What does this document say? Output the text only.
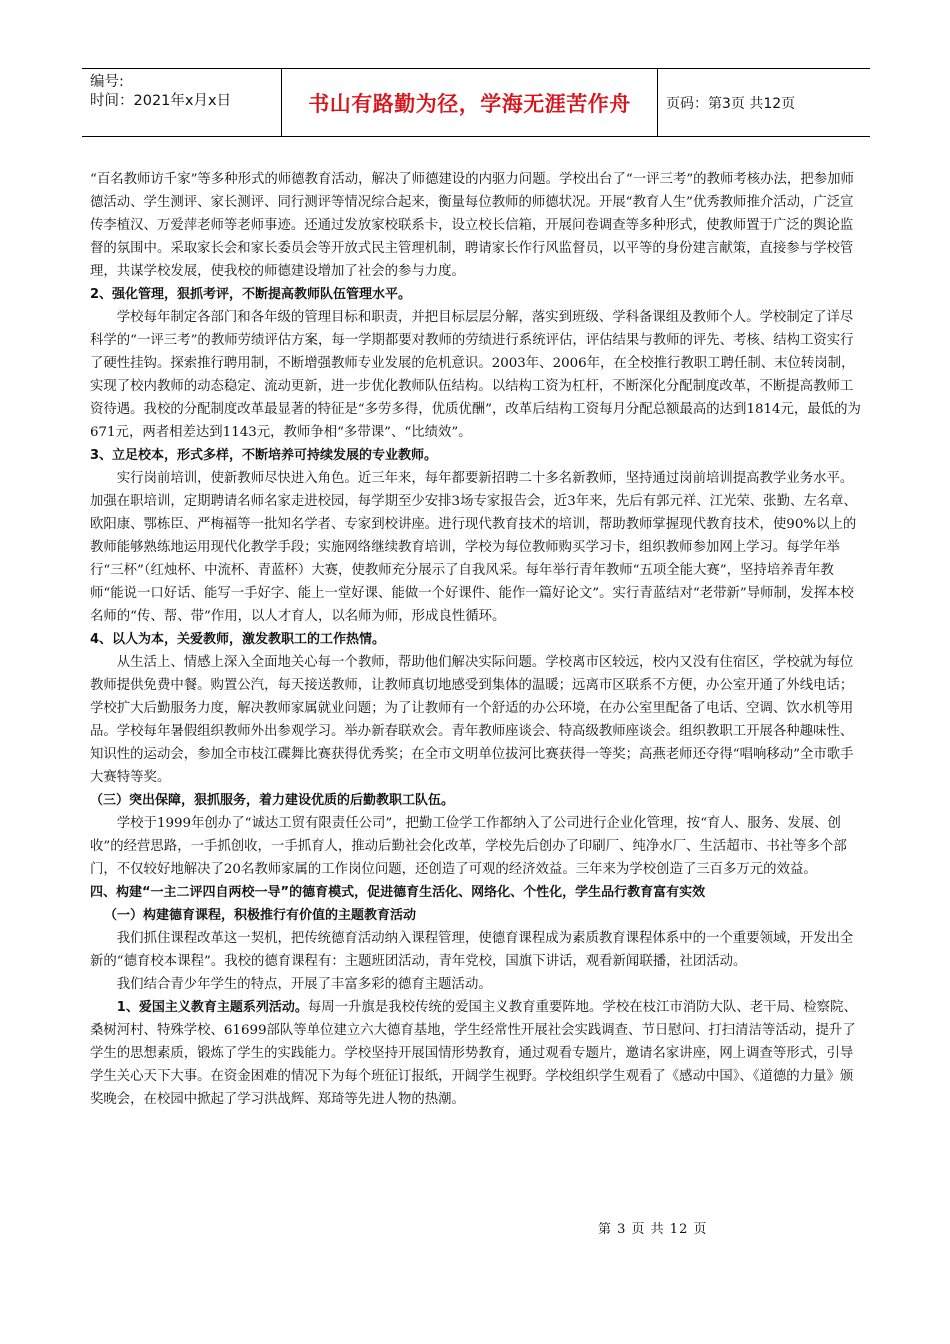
编号:
时间：2021年x月x日	书山有路勤为径，学海无涯苦作舟	页码：第3页 共12页

“百名教师访千家”等多种形式的师德教育活动，解决了师德建设的内驱力问题。学校出台了“一评三考”的教师考核办法，把参加师德活动、学生测评、家长测评、同行测评等情况综合起来，衡量每位教师的师德状况。开展“教育人生”优秀教师推介活动，广泛宣传李植汉、万爱萍老师等老师事迹。还通过发放家校联系卡，设立校长信箱，开展问卷调查等多种形式，使教师置于广泛的舆论监督的氛围中。采取家长会和家长委员会等开放式民主管理机制，聘请家长作行风监督员，以平等的身份建言献策，直接参与学校管理，共谋学校发展，使我校的师德建设增加了社会的参与力度。

2、强化管理，狠抓考评，不断提高教师队伍管理水平。

学校每年制定各部门和各年级的管理目标和职责，并把目标层层分解，落实到班级、学科备课组及教师个人。学校制定了详尽科学的“一评三考”的教师劳绩评估方案，每一学期都要对教师的劳绩进行系统评估，评估结果与教师的评先、考核、结构工资实行了硬性挂钩。探索推行聘用制，不断增强教师专业发展的危机意识。2003年、2006年，在全校推行教职工聘任制、末位转岗制，实现了校内教师的动态稳定、流动更新，进一步优化教师队伍结构。以结构工资为杠杆，不断深化分配制度改革，不断提高教师工资待遇。我校的分配制度改革最显著的特征是“多劳多得，优质优酬”，改革后结构工资每月分配总额最高的达到1814元，最低的为671元，两者相差达到1143元，教师争相“多带课”、“比绩效”。

3、立足校本，形式多样，不断培养可持续发展的专业教师。

实行岗前培训，使新教师尽快进入角色。近三年来，每年都要新招聘二十多名新教师，坚持通过岗前培训提高教学业务水平。 加强在职培训，定期聘请名师名家走进校园，每学期至少安排3场专家报告会，近3年来，先后有郭元祥、江光荣、张勤、左名章、欧阳康、鄂栋臣、严梅福等一批知名学者、专家到校讲座。进行现代教育技术的培训，帮助教师掌握现代教育技术，使90%以上的教师能够熟练地运用现代化教学手段；实施网络继续教育培训，学校为每位教师购买学习卡，组织教师参加网上学习。每学年举行“三杯”（红烛杯、中流杯、青蓝杯）大赛，使教师充分展示了自我风采。每年举行青年教师“五项全能大赛”，坚持培养青年教师“能说一口好话、能写一手好字、能上一堂好课、能做一个好课件、能作一篇好论文”。实行青蓝结对“老带新”导师制，发挥本校名师的“传、帮、带”作用，以人才育人，以名师为师，形成良性循环。

4、以人为本，关爱教师，激发教职工的工作热情。

从生活上、情感上深入全面地关心每一个教师，帮助他们解决实际问题。学校离市区较远，校内又没有住宿区，学校就为每位教师提供免费中餐。购置公汽，每天接送教师，让教师真切地感受到集体的温暖；远离市区联系不方便，办公室开通了外线电话；学校扩大后勤服务力度，解决教师家属就业问题；为了让教师有一个舒适的办公环境，在办公室里配备了电话、空调、饮水机等用品。学校每年暑假组织教师外出参观学习。举办新春联欢会。青年教师座谈会、特高级教师座谈会。组织教职工开展各种趣味性、知识性的运动会，参加全市枝江碟舞比赛获得优秀奖；在全市文明单位拔河比赛获得一等奖；高燕老师还夺得“唱响移动”全市歌手大赛特等奖。

（三）突出保障，狠抓服务，着力建设优质的后勤教职工队伍。

学校于1999年创办了“诚达工贸有限责任公司”，把勤工俭学工作都纳入了公司进行企业化管理，按“育人、服务、发展、创收”的经营思路，一手抓创收，一手抓育人，推动后勤社会化改革，学校先后创办了印刷厂、纯净水厂、生活超市、书社等多个部门，不仅较好地解决了20名教师家属的工作岗位问题，还创造了可观的经济效益。三年来为学校创造了三百多万元的效益。

四、构建“一主二评四自两校一导”的德育模式，促进德育生活化、网络化、个性化，学生品行教育富有实效

（一）构建德育课程，积极推行有价值的主题教育活动

我们抓住课程改革这一契机，把传统德育活动纳入课程管理，使德育课程成为素质教育课程体系中的一个重要领域，开发出全新的“德育校本课程”。我校的德育课程有：主题班团活动，青年党校，国旗下讲话，观看新闻联播，社团活动。

我们结合青少年学生的特点，开展了丰富多彩的德育主题活动。

1、爱国主义教育主题系列活动。每周一升旗是我校传统的爱国主义教育重要阵地。学校在枝江市消防大队、老干局、检察院、桑树河村、特殊学校、61699部队等单位建立六大德育基地，学生经常性开展社会实践调查、节日慰问、打扫清洁等活动，提升了学生的思想素质，锻炼了学生的实践能力。学校坚持开展国情形势教育，通过观看专题片，邀请名家讲座，网上调查等形式，引导学生关心天下大事。在资金困难的情况下为每个班征订报纸，开阔学生视野。学校组织学生观看了《感动中国》、《道德的力量》颁奖晚会，在校园中掀起了学习洪战辉、郑琦等先进人物的热潮。

第 3 页 共 12 页
